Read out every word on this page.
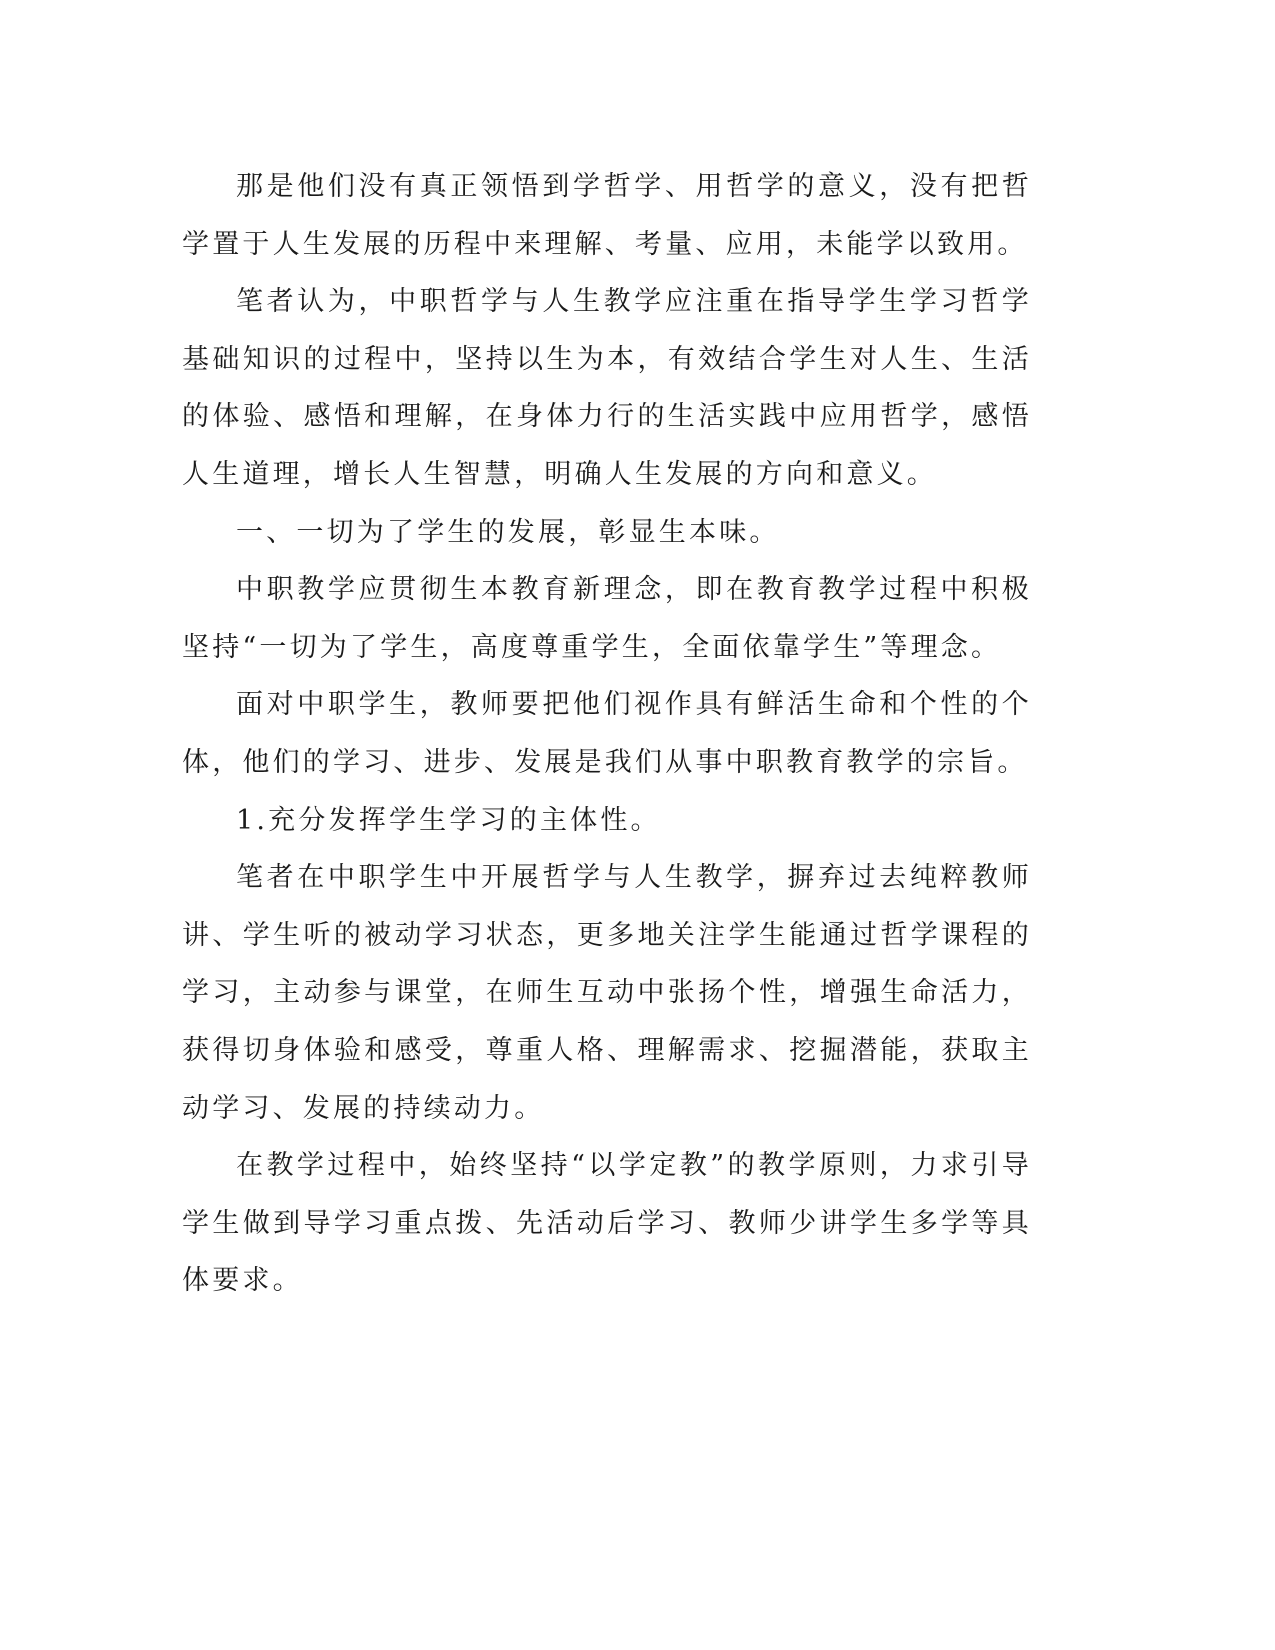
那是他们没有真正领悟到学哲学、用哲学的意义，没有把哲学置于人生发展的历程中来理解、考量、应用，未能学以致用。

笔者认为，中职哲学与人生教学应注重在指导学生学习哲学基础知识的过程中，坚持以生为本，有效结合学生对人生、生活的体验、感悟和理解，在身体力行的生活实践中应用哲学，感悟人生道理，增长人生智慧，明确人生发展的方向和意义。

一、一切为了学生的发展，彰显生本味。

中职教学应贯彻生本教育新理念，即在教育教学过程中积极坚持“一切为了学生，高度尊重学生，全面依靠学生”等理念。

面对中职学生，教师要把他们视作具有鲜活生命和个性的个体，他们的学习、进步、发展是我们从事中职教育教学的宗旨。

1.充分发挥学生学习的主体性。

笔者在中职学生中开展哲学与人生教学，摒弃过去纯粹教师讲、学生听的被动学习状态，更多地关注学生能通过哲学课程的学习，主动参与课堂，在师生互动中张扬个性，增强生命活力，获得切身体验和感受，尊重人格、理解需求、挖掘潜能，获取主动学习、发展的持续动力。

在教学过程中，始终坚持“以学定教”的教学原则，力求引导学生做到导学习重点拨、先活动后学习、教师少讲学生多学等具体要求。
